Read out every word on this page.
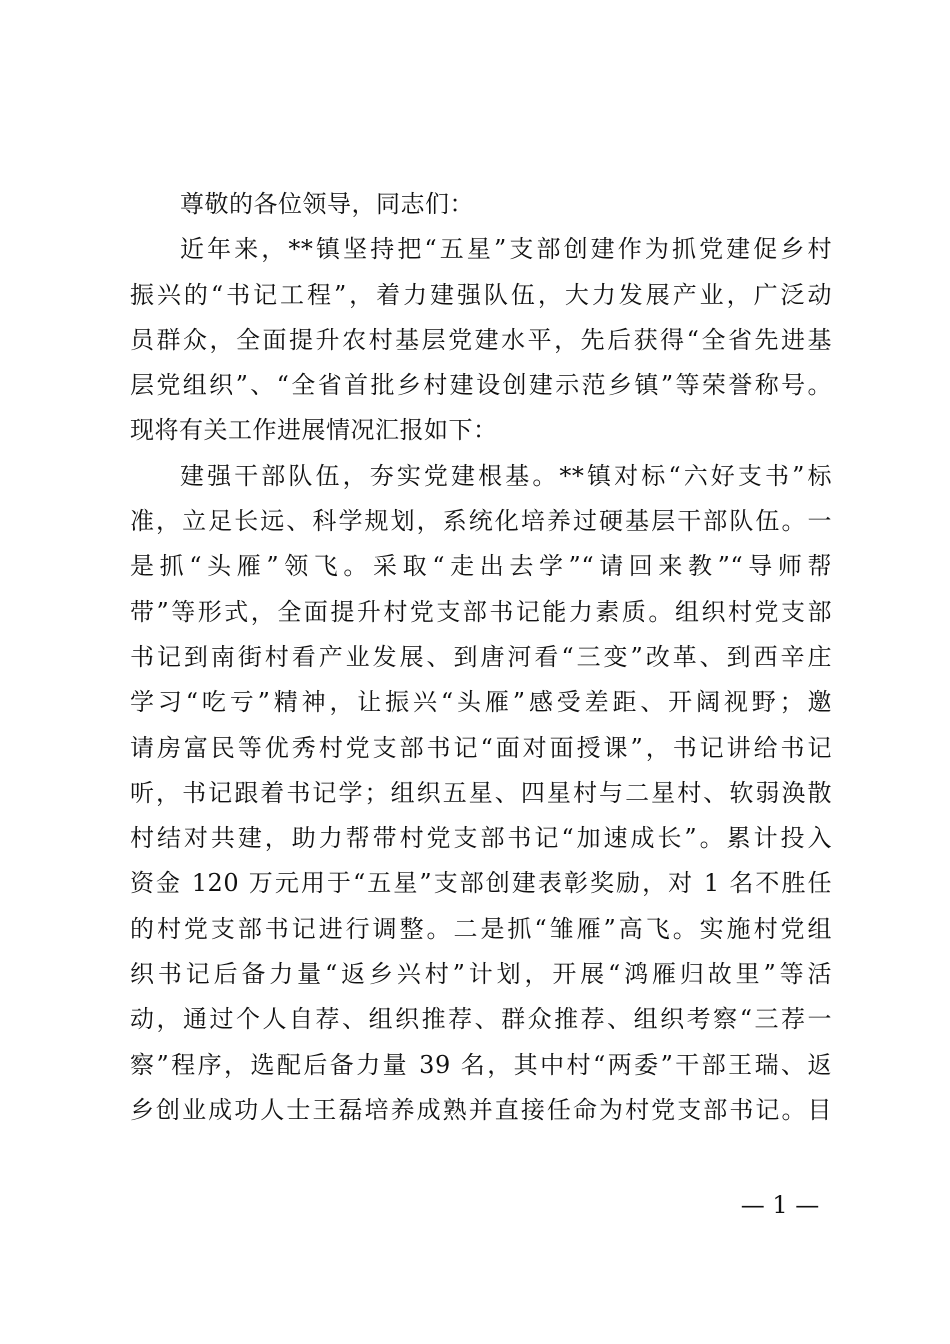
尊敬的各位领导，同志们：
近年来，**镇坚持把“五星”支部创建作为抓党建促乡村
振兴的“书记工程”，着力建强队伍，大力发展产业，广泛动
员群众，全面提升农村基层党建水平，先后获得“全省先进基
层党组织”、“全省首批乡村建设创建示范乡镇”等荣誉称号。
现将有关工作进展情况汇报如下：
建强干部队伍，夯实党建根基。**镇对标“六好支书”标
准，立足长远、科学规划，系统化培养过硬基层干部队伍。一
是抓“头雁”领飞。采取“走出去学”“请回来教”“导师帮
带”等形式，全面提升村党支部书记能力素质。组织村党支部
书记到南街村看产业发展、到唐河看“三变”改革、到西辛庄
学习“吃亏”精神，让振兴“头雁”感受差距、开阔视野；邀
请房富民等优秀村党支部书记“面对面授课”，书记讲给书记
听，书记跟着书记学；组织五星、四星村与二星村、软弱涣散
村结对共建，助力帮带村党支部书记“加速成长”。累计投入
资金 120 万元用于“五星”支部创建表彰奖励，对 1 名不胜任
的村党支部书记进行调整。二是抓“雏雁”高飞。实施村党组
织书记后备力量“返乡兴村”计划，开展“鸿雁归故里”等活
动，通过个人自荐、组织推荐、群众推荐、组织考察“三荐一
察”程序，选配后备力量 39 名，其中村“两委”干部王瑞、返
乡创业成功人士王磊培养成熟并直接任命为村党支部书记。目
— 1 —
